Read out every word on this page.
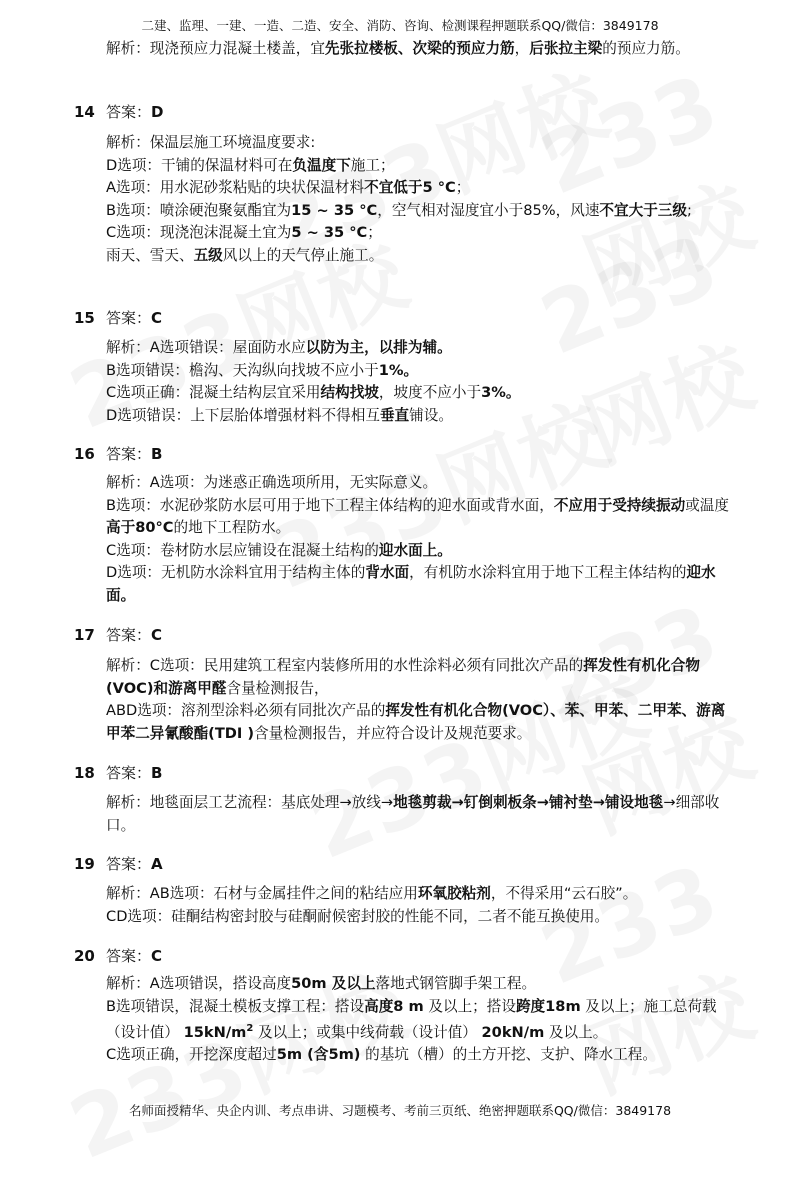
二建、监理、一建、一造、二造、安全、消防、咨询、检测课程押题联系QQ/微信：3849178

解析：现浇预应力混凝土楼盖，宜先张拉楼板、次梁的预应力筋，后张拉主梁的预应力筋。

14 答案：D

解析：保温层施工环境温度要求:

D选项：干铺的保温材料可在负温度下施工；

A选项：用水泥砂浆粘贴的块状保温材料不宜低于5 °C；

B选项：喷涂硬泡聚氨酯宜为15 ~ 35 °C，空气相对湿度宜小于85%，风速不宜大于三级;

C选项：现浇泡沫混凝土宜为5 ~ 35 °C；

雨天、雪天、五级风以上的天气停止施工。

15 答案：C

解析：A选项错误：屋面防水应以防为主，以排为辅。

B选项错误：檐沟、天沟纵向找坡不应小于1%。

C选项正确：混凝土结构层宜采用结构找坡，坡度不应小于3%。

D选项错误：上下层胎体增强材料不得相互垂直铺设。

16 答案：B

解析：A选项：为迷惑正确选项所用，无实际意义。

B选项：水泥砂浆防水层可用于地下工程主体结构的迎水面或背水面，不应用于受持续振动或温度高于80°C的地下工程防水。

C选项：卷材防水层应铺设在混凝土结构的迎水面上。

D选项：无机防水涂料宜用于结构主体的背水面，有机防水涂料宜用于地下工程主体结构的迎水面。

17 答案：C

解析：C选项：民用建筑工程室内装修所用的水性涂料必须有同批次产品的挥发性有机化合物(VOC)和游离甲醛含量检测报告，

ABD选项：溶剂型涂料必须有同批次产品的挥发性有机化合物(VOC）、苯、甲苯、二甲苯、游离甲苯二异氰酸酯(TDI )含量检测报告，并应符合设计及规范要求。

18 答案：B

解析：地毯面层工艺流程：基底处理→放线→地毯剪裁→钉倒刺板条→铺衬垫→铺设地毯→细部收口。

19 答案：A

解析：AB选项：石材与金属挂件之间的粘结应用环氧胶粘剂，不得采用“云石胶”。

CD选项：硅酮结构密封胶与硅酮耐候密封胶的性能不同，二者不能互换使用。

20 答案：C

解析：A选项错误，搭设高度50m 及以上落地式钢管脚手架工程。

B选项错误，混凝土模板支撑工程：搭设高度8 m 及以上；搭设跨度18m 及以上；施工总荷载（设计值） $15kN/m^2$ 及以上；或集中线荷载（设计值） 20kN/m 及以上。

C选项正确，开挖深度超过5m (含5m) 的基坑（槽）的土方开挖、支护、降水工程。

名师面授精华、央企内训、考点串讲、习题模考、考前三页纸、绝密押题联系QQ/微信：3849178
